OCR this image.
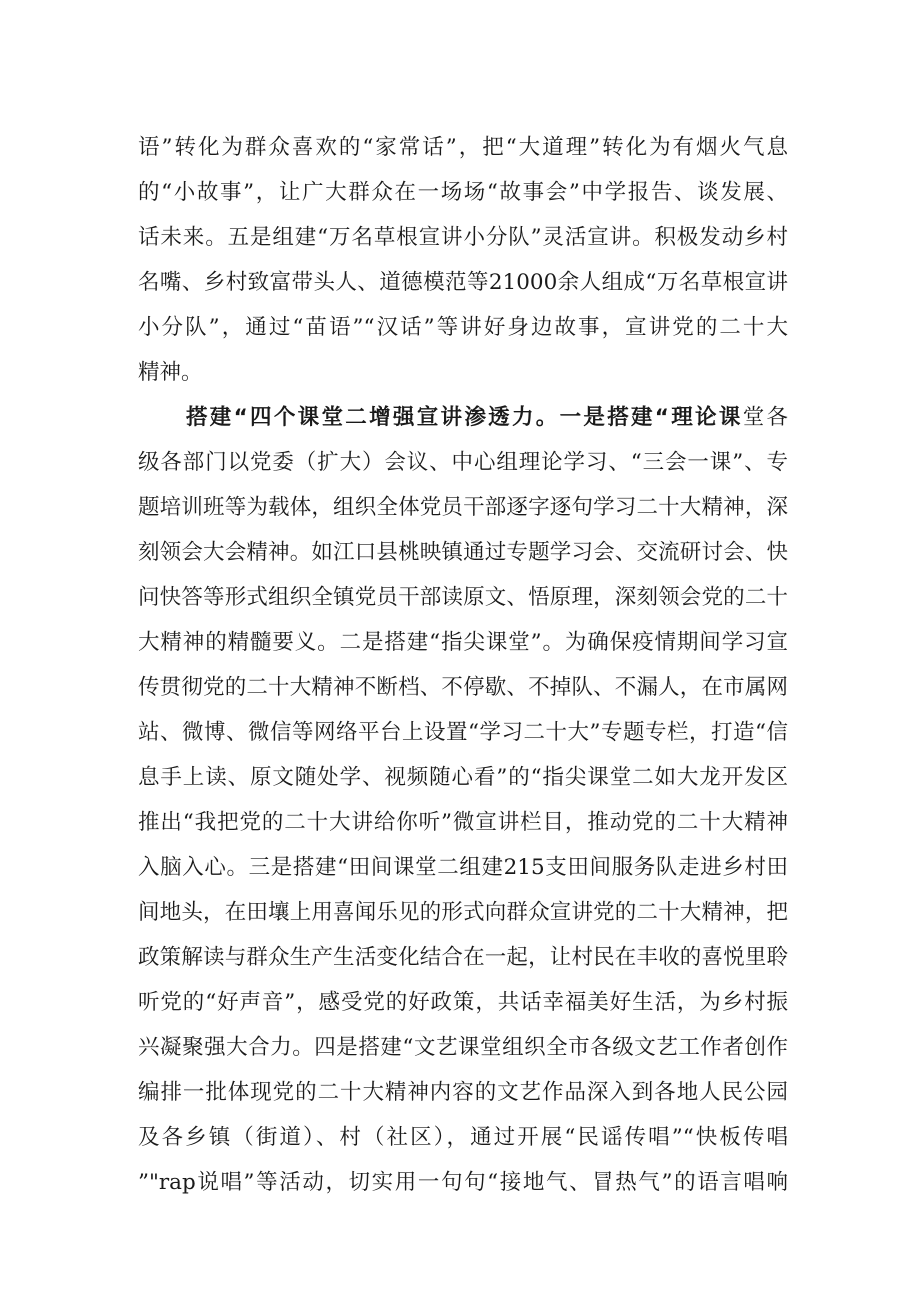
语”转化为群众喜欢的“家常话”，把“大道理”转化为有烟火气息
的“小故事”，让广大群众在一场场“故事会”中学报告、谈发展、
话未来。五是组建“万名草根宣讲小分队”灵活宣讲。积极发动乡村
名嘴、乡村致富带头人、道德模范等21000余人组成“万名草根宣讲
小分队”，通过“苗语”“汉话”等讲好身边故事，宣讲党的二十大
精神。
搭建“四个课堂二增强宣讲渗透力。一是搭建“理论课堂各
级各部门以党委（扩大）会议、中心组理论学习、“三会一课”、专
题培训班等为载体，组织全体党员干部逐字逐句学习二十大精神，深
刻领会大会精神。如江口县桃映镇通过专题学习会、交流研讨会、快
问快答等形式组织全镇党员干部读原文、悟原理，深刻领会党的二十
大精神的精髓要义。二是搭建“指尖课堂”。为确保疫情期间学习宣
传贯彻党的二十大精神不断档、不停歇、不掉队、不漏人，在市属网
站、微博、微信等网络平台上设置“学习二十大”专题专栏，打造“信
息手上读、原文随处学、视频随心看”的“指尖课堂二如大龙开发区
推出“我把党的二十大讲给你听”微宣讲栏目，推动党的二十大精神
入脑入心。三是搭建“田间课堂二组建215支田间服务队走进乡村田
间地头，在田壤上用喜闻乐见的形式向群众宣讲党的二十大精神，把
政策解读与群众生产生活变化结合在一起，让村民在丰收的喜悦里聆
听党的“好声音”，感受党的好政策，共话幸福美好生活，为乡村振
兴凝聚强大合力。四是搭建“文艺课堂组织全市各级文艺工作者创作
编排一批体现党的二十大精神内容的文艺作品深入到各地人民公园
及各乡镇（街道）、村（社区），通过开展“民谣传唱”“快板传唱
”"rap说唱”等活动，切实用一句句“接地气、冒热气”的语言唱响
